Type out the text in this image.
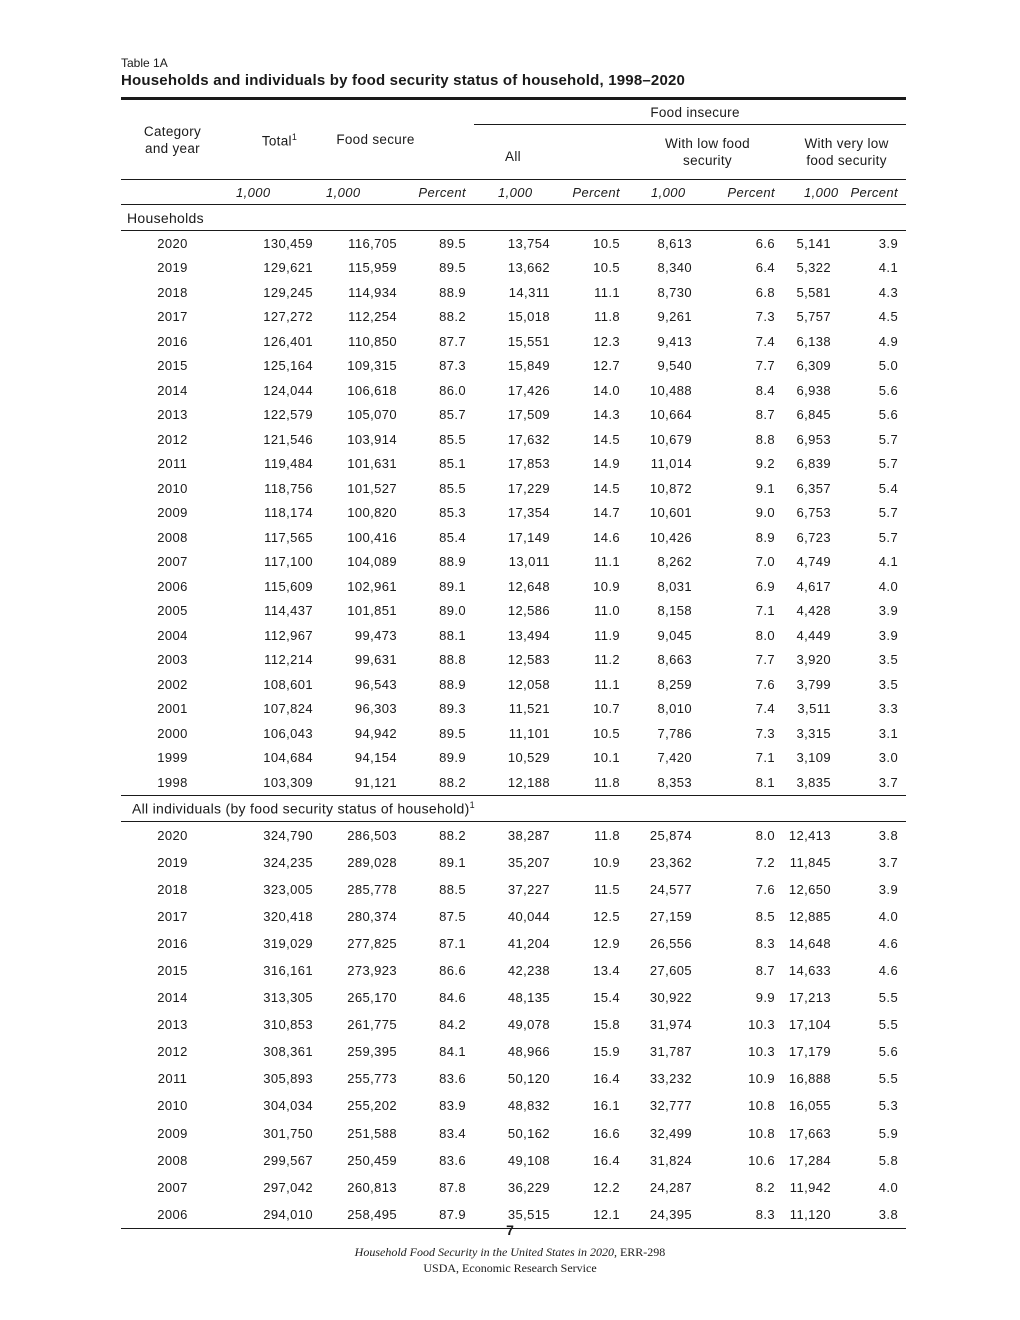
Table 1A

Households and individuals by food security status of household, 1998–2020

Category and year	Total$^1$	Food secure		Food insecure					
				All		With low food security		With very low food security	
	1,000	1,000	Percent	1,000	Percent	1,000	Percent	1,000	Percent
Households									
2020	130,459	116,705	89.5	13,754	10.5	8,613	6.6	5,141	3.9
2019	129,621	115,959	89.5	13,662	10.5	8,340	6.4	5,322	4.1
2018	129,245	114,934	88.9	14,311	11.1	8,730	6.8	5,581	4.3
2017	127,272	112,254	88.2	15,018	11.8	9,261	7.3	5,757	4.5
2016	126,401	110,850	87.7	15,551	12.3	9,413	7.4	6,138	4.9
2015	125,164	109,315	87.3	15,849	12.7	9,540	7.7	6,309	5.0
2014	124,044	106,618	86.0	17,426	14.0	10,488	8.4	6,938	5.6
2013	122,579	105,070	85.7	17,509	14.3	10,664	8.7	6,845	5.6
2012	121,546	103,914	85.5	17,632	14.5	10,679	8.8	6,953	5.7
2011	119,484	101,631	85.1	17,853	14.9	11,014	9.2	6,839	5.7
2010	118,756	101,527	85.5	17,229	14.5	10,872	9.1	6,357	5.4
2009	118,174	100,820	85.3	17,354	14.7	10,601	9.0	6,753	5.7
2008	117,565	100,416	85.4	17,149	14.6	10,426	8.9	6,723	5.7
2007	117,100	104,089	88.9	13,011	11.1	8,262	7.0	4,749	4.1
2006	115,609	102,961	89.1	12,648	10.9	8,031	6.9	4,617	4.0
2005	114,437	101,851	89.0	12,586	11.0	8,158	7.1	4,428	3.9
2004	112,967	99,473	88.1	13,494	11.9	9,045	8.0	4,449	3.9
2003	112,214	99,631	88.8	12,583	11.2	8,663	7.7	3,920	3.5
2002	108,601	96,543	88.9	12,058	11.1	8,259	7.6	3,799	3.5
2001	107,824	96,303	89.3	11,521	10.7	8,010	7.4	3,511	3.3
2000	106,043	94,942	89.5	11,101	10.5	7,786	7.3	3,315	3.1
1999	104,684	94,154	89.9	10,529	10.1	7,420	7.1	3,109	3.0
1998	103,309	91,121	88.2	12,188	11.8	8,353	8.1	3,835	3.7
All individuals (by food security status of household)$^1$
2020	324,790	286,503	88.2	38,287	11.8	25,874	8.0	12,413	3.8
2019	324,235	289,028	89.1	35,207	10.9	23,362	7.2	11,845	3.7
2018	323,005	285,778	88.5	37,227	11.5	24,577	7.6	12,650	3.9
2017	320,418	280,374	87.5	40,044	12.5	27,159	8.5	12,885	4.0
2016	319,029	277,825	87.1	41,204	12.9	26,556	8.3	14,648	4.6
2015	316,161	273,923	86.6	42,238	13.4	27,605	8.7	14,633	4.6
2014	313,305	265,170	84.6	48,135	15.4	30,922	9.9	17,213	5.5
2013	310,853	261,775	84.2	49,078	15.8	31,974	10.3	17,104	5.5
2012	308,361	259,395	84.1	48,966	15.9	31,787	10.3	17,179	5.6
2011	305,893	255,773	83.6	50,120	16.4	33,232	10.9	16,888	5.5
2010	304,034	255,202	83.9	48,832	16.1	32,777	10.8	16,055	5.3
2009	301,750	251,588	83.4	50,162	16.6	32,499	10.8	17,663	5.9
2008	299,567	250,459	83.6	49,108	16.4	31,824	10.6	17,284	5.8
2007	297,042	260,813	87.8	36,229	12.2	24,287	8.2	11,942	4.0
2006	294,010	258,495	87.9	35,515	12.1	24,395	8.3	11,120	3.8
7
Household Food Security in the United States in 2020, ERR-298
USDA, Economic Research Service
